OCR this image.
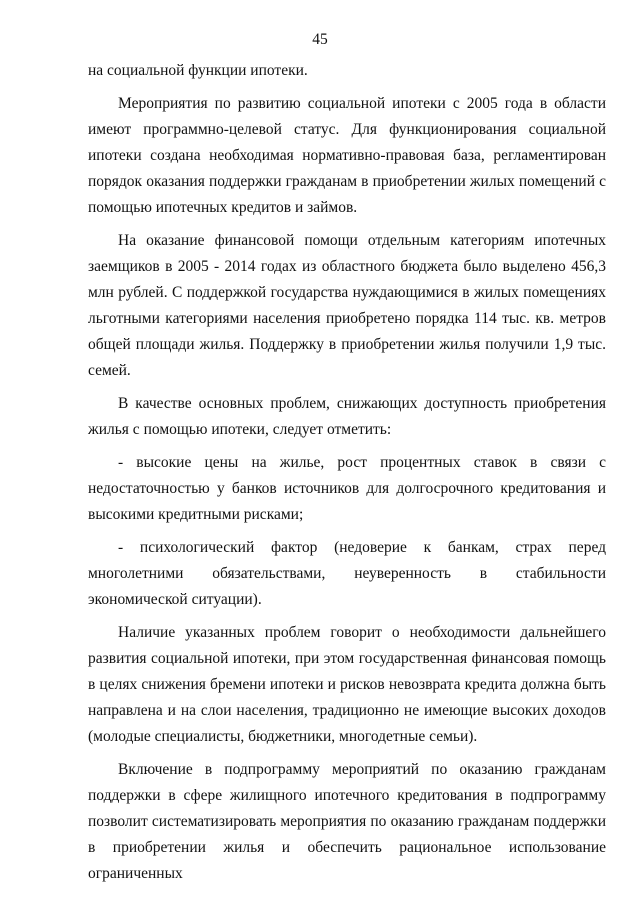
45

на социальной функции ипотеки.

Мероприятия по развитию социальной ипотеки с 2005 года в области имеют программно-целевой статус. Для функционирования социальной ипотеки создана необходимая нормативно-правовая база, регламентирован порядок оказания поддержки гражданам в приобретении жилых помещений с помощью ипотечных кредитов и займов.

На оказание финансовой помощи отдельным категориям ипотечных заемщиков в 2005 - 2014 годах из областного бюджета было выделено 456,3 млн рублей. С поддержкой государства нуждающимися в жилых помещениях льготными категориями населения приобретено порядка 114 тыс. кв. метров общей площади жилья. Поддержку в приобретении жилья получили 1,9 тыс. семей.

В качестве основных проблем, снижающих доступность приобретения жилья с помощью ипотеки, следует отметить:

- высокие цены на жилье, рост процентных ставок в связи с недостаточностью у банков источников для долгосрочного кредитования и высокими кредитными рисками;

- психологический фактор (недоверие к банкам, страх перед многолетними обязательствами, неуверенность в стабильности экономической ситуации).

Наличие указанных проблем говорит о необходимости дальнейшего развития социальной ипотеки, при этом государственная финансовая помощь в целях снижения бремени ипотеки и рисков невозврата кредита должна быть направлена и на слои населения, традиционно не имеющие высоких доходов (молодые специалисты, бюджетники, многодетные семьи).

Включение в подпрограмму мероприятий по оказанию гражданам поддержки в сфере жилищного ипотечного кредитования в подпрограмму позволит систематизировать мероприятия по оказанию гражданам поддержки в приобретении жилья и обеспечить рациональное использование ограниченных
